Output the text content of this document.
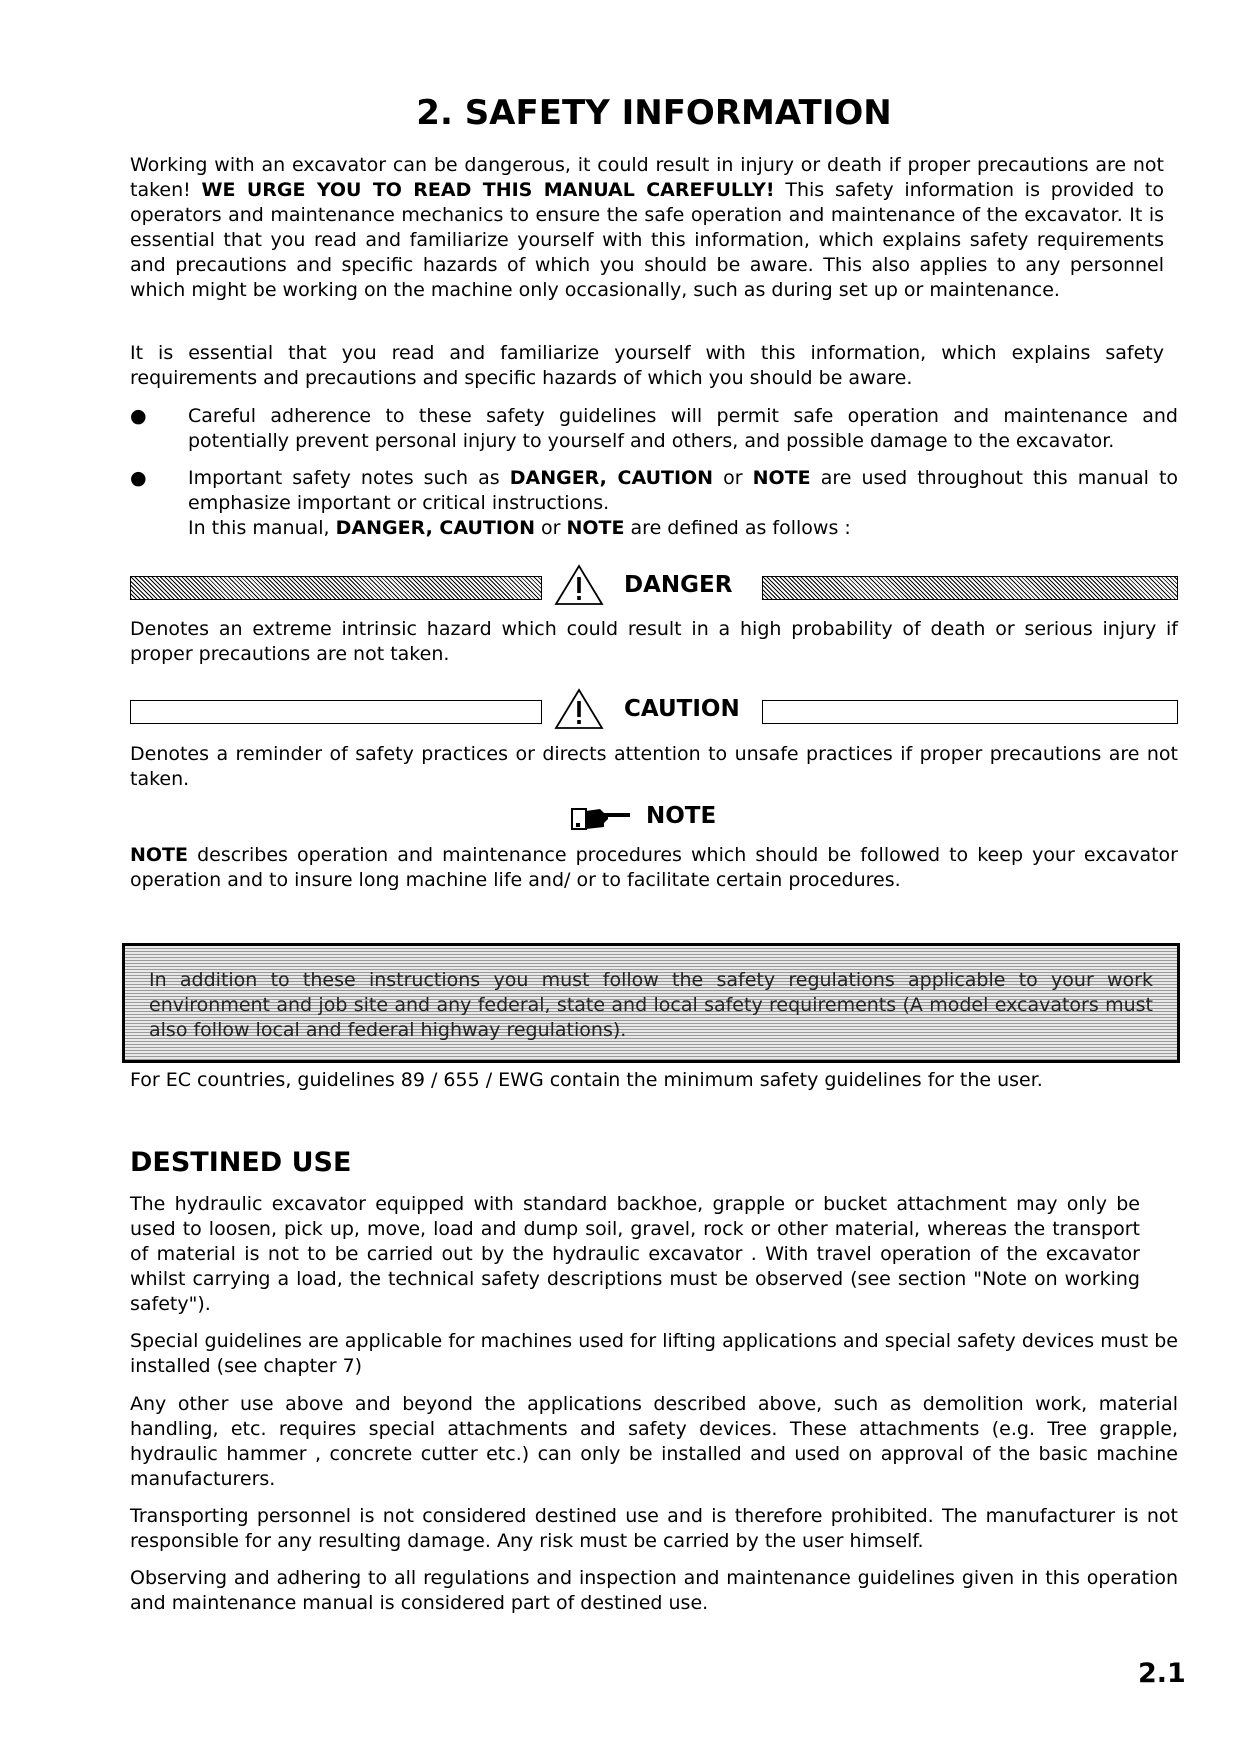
2. SAFETY INFORMATION

Working with an excavator can be dangerous, it could result in injury or death if proper precautions are not taken! WE URGE YOU TO READ THIS MANUAL CAREFULLY! This safety information is provided to operators and maintenance mechanics to ensure the safe operation and maintenance of the excavator. It is essential that you read and familiarize yourself with this information, which explains safety requirements and precautions and specific hazards of which you should be aware. This also applies to any personnel which might be working on the machine only occasionally, such as during set up or maintenance.

It is essential that you read and familiarize yourself with this information, which explains safety requirements and precautions and specific hazards of which you should be aware.

●	Careful adherence to these safety guidelines will permit safe operation and maintenance and potentially prevent personal injury to yourself and others, and possible damage to the excavator.

●	Important safety notes such as DANGER, CAUTION or NOTE are used throughout this manual to emphasize important or critical instructions.

In this manual, DANGER, CAUTION or NOTE are defined as follows :

DANGER

Denotes an extreme intrinsic hazard which could result in a high probability of death or serious injury if proper precautions are not taken.

CAUTION

Denotes a reminder of safety practices or directs attention to unsafe practices if proper precautions are not taken.

NOTE

NOTE describes operation and maintenance procedures which should be followed to keep your excavator operation and to insure long machine life and/ or to facilitate certain procedures.

In addition to these instructions you must follow the safety regulations applicable to your work environment and job site and any federal, state and local safety requirements (A model excavators must also follow local and federal highway regulations).

For EC countries, guidelines 89 / 655 / EWG contain the minimum safety guidelines for the user.

DESTINED USE

The hydraulic excavator equipped with standard backhoe, grapple or bucket attachment may only be used to loosen, pick up, move, load and dump soil, gravel, rock or other material, whereas the transport of material is not to be carried out by the hydraulic excavator . With travel operation of the excavator whilst carrying a load, the technical safety descriptions must be observed (see section "Note on working safety").

Special guidelines are applicable for machines used for lifting applications and special safety devices must be installed (see chapter 7)

Any other use above and beyond the applications described above, such as demolition work, material handling, etc. requires special attachments and safety devices. These attachments (e.g. Tree grapple, hydraulic hammer , concrete cutter etc.) can only be installed and used on approval of the basic machine manufacturers.

Transporting personnel is not considered destined use and is therefore prohibited. The manufacturer is not responsible for any resulting damage. Any risk must be carried by the user himself.

Observing and adhering to all regulations and inspection and maintenance guidelines given in this operation and maintenance manual is considered part of destined use.

2.1
